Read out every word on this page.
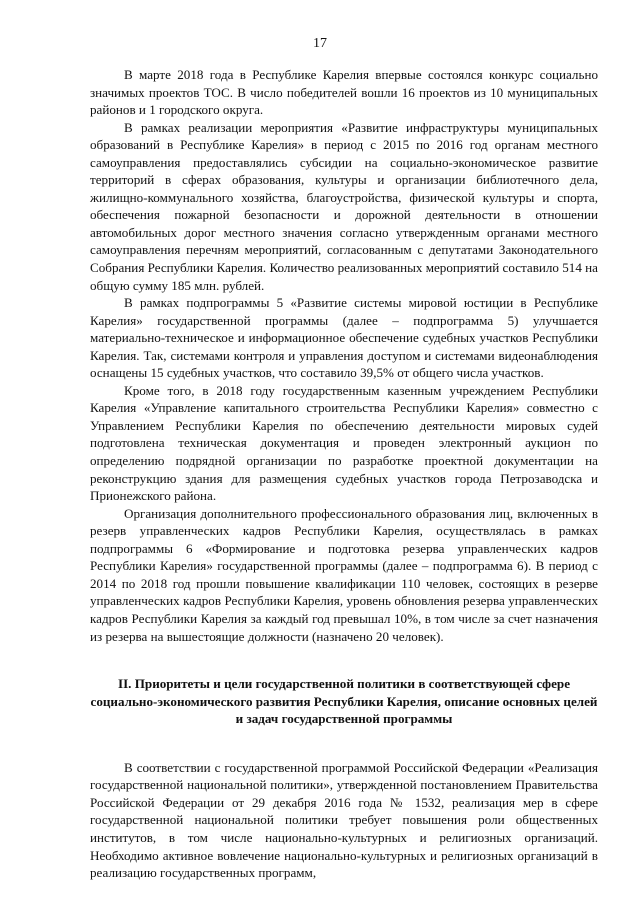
17

В марте 2018 года в Республике Карелия впервые состоялся конкурс социально значимых проектов ТОС. В число победителей вошли 16 проектов из 10 муниципальных районов и 1 городского округа.

В рамках реализации мероприятия «Развитие инфраструктуры муниципальных образований в Республике Карелия» в период с 2015 по 2016 год органам местного самоуправления предоставлялись субсидии на социально-экономическое развитие территорий в сферах образования, культуры и организации библиотечного дела, жилищно-коммунального хозяйства, благоустройства, физической культуры и спорта, обеспечения пожарной безопасности и дорожной деятельности в отношении автомобильных дорог местного значения согласно утвержденным органами местного самоуправления перечням мероприятий, согласованным с депутатами Законодательного Собрания Республики Карелия. Количество реализованных мероприятий составило 514 на общую сумму 185 млн. рублей.

В рамках подпрограммы 5 «Развитие системы мировой юстиции в Республике Карелия» государственной программы (далее – подпрограмма 5) улучшается материально-техническое и информационное обеспечение судебных участков Республики Карелия. Так, системами контроля и управления доступом и системами видеонаблюдения оснащены 15 судебных участков, что составило 39,5% от общего числа участков.

Кроме того, в 2018 году государственным казенным учреждением Республики Карелия «Управление капитального строительства Республики Карелия» совместно с Управлением Республики Карелия по обеспечению деятельности мировых судей подготовлена техническая документация и проведен электронный аукцион по определению подрядной организации по разработке проектной документации на реконструкцию здания для размещения судебных участков города Петрозаводска и Прионежского района.

Организация дополнительного профессионального образования лиц, включенных в резерв управленческих кадров Республики Карелия, осуществлялась в рамках подпрограммы 6 «Формирование и подготовка резерва управленческих кадров Республики Карелия» государственной программы (далее – подпрограмма 6). В период с 2014 по 2018 год прошли повышение квалификации 110 человек, состоящих в резерве управленческих кадров Республики Карелия, уровень обновления резерва управленческих кадров Республики Карелия за каждый год превышал 10%, в том числе за счет назначения из резерва на вышестоящие должности (назначено 20 человек).

II. Приоритеты и цели государственной политики в соответствующей сфере социально-экономического развития Республики Карелия, описание основных целей и задач государственной программы

В соответствии с государственной программой Российской Федерации «Реализация государственной национальной политики», утвержденной постановлением Правительства Российской Федерации от 29 декабря 2016 года № 1532, реализация мер в сфере государственной национальной политики требует повышения роли общественных институтов, в том числе национально-культурных и религиозных организаций. Необходимо активное вовлечение национально-культурных и религиозных организаций в реализацию государственных программ,
